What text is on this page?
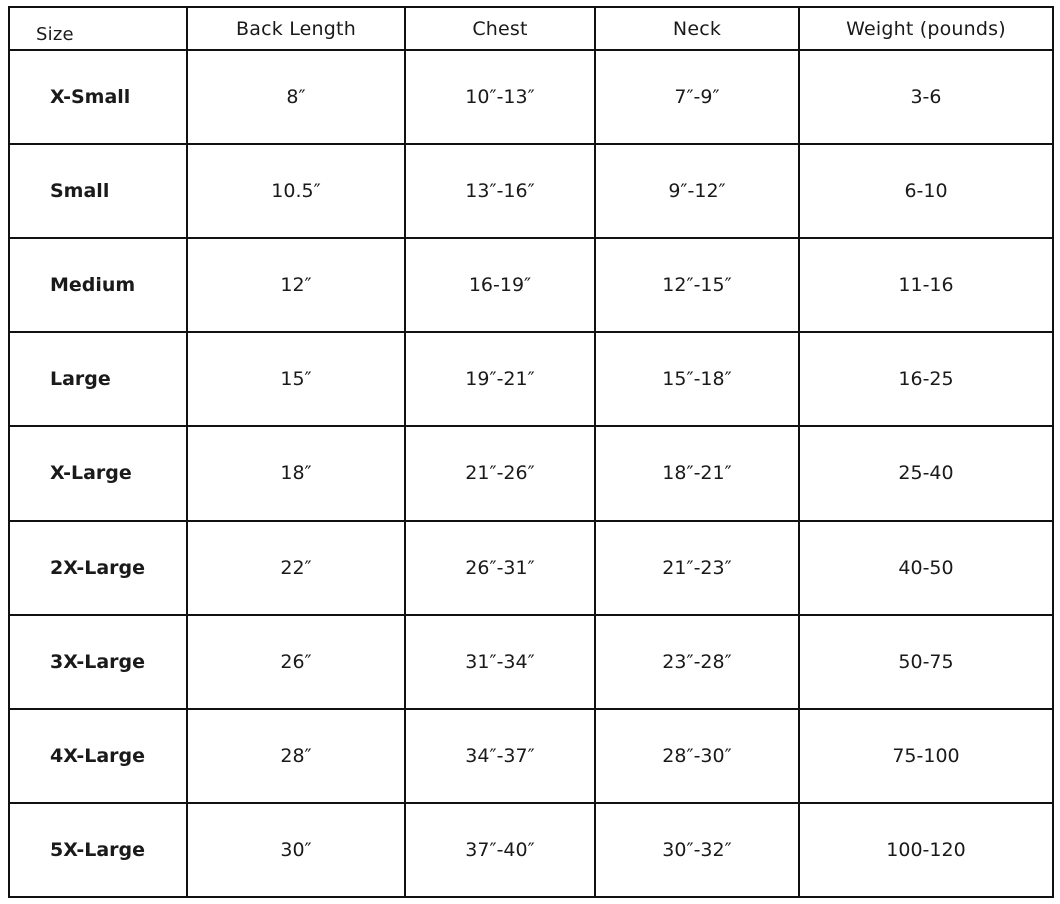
Size	Back Length	Chest	Neck	Weight (pounds)
X-Small	8″	10″-13″	7″-9″	3-6
Small	10.5″	13″-16″	9″-12″	6-10
Medium	12″	16-19″	12″-15″	11-16
Large	15″	19″-21″	15″-18″	16-25
X-Large	18″	21″-26″	18″-21″	25-40
2X-Large	22″	26″-31″	21″-23″	40-50
3X-Large	26″	31″-34″	23″-28″	50-75
4X-Large	28″	34″-37″	28″-30″	75-100
5X-Large	30″	37″-40″	30″-32″	100-120
